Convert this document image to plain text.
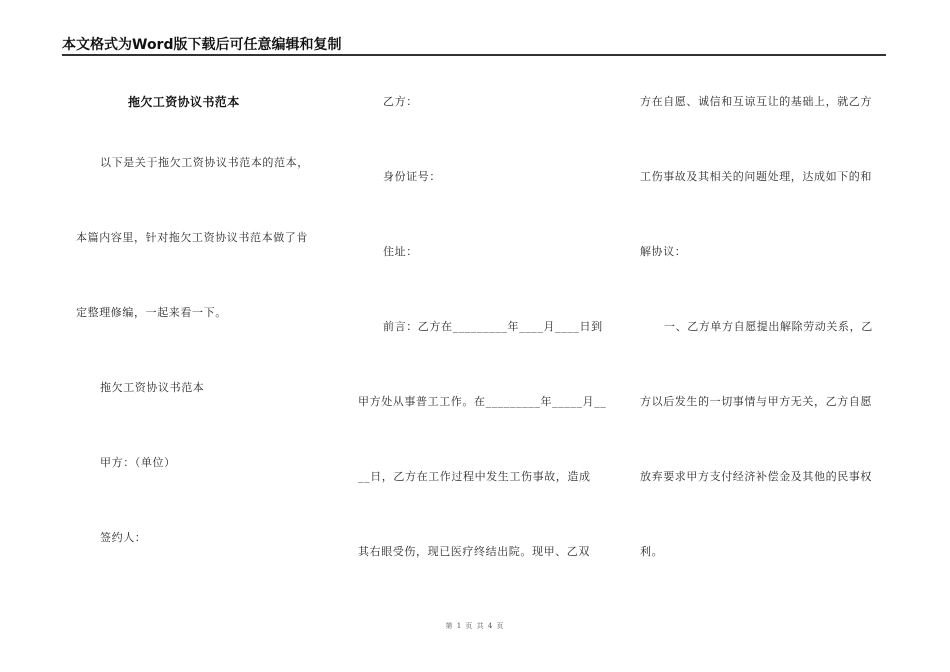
本文格式为Word版下载后可任意编辑和复制
拖欠工资协议书范本
以下是关于拖欠工资协议书范本的范本，
本篇内容里，针对拖欠工资协议书范本做了肯
定整理修编，一起来看一下。
拖欠工资协议书范本
甲方：（单位）
签约人：
乙方：
身份证号：
住址：
前言：乙方在_________年____月____日到
甲方处从事普工工作。在_________年_____月__
__日，乙方在工作过程中发生工伤事故，造成
其右眼受伤，现已医疗终结出院。现甲、乙双
方在自愿、诚信和互谅互让的基础上，就乙方
工伤事故及其相关的问题处理，达成如下的和
解协议：
一、乙方单方自愿提出解除劳动关系，乙
方以后发生的一切事情与甲方无关，乙方自愿
放弃要求甲方支付经济补偿金及其他的民事权
利。
第 1 页 共 4 页
